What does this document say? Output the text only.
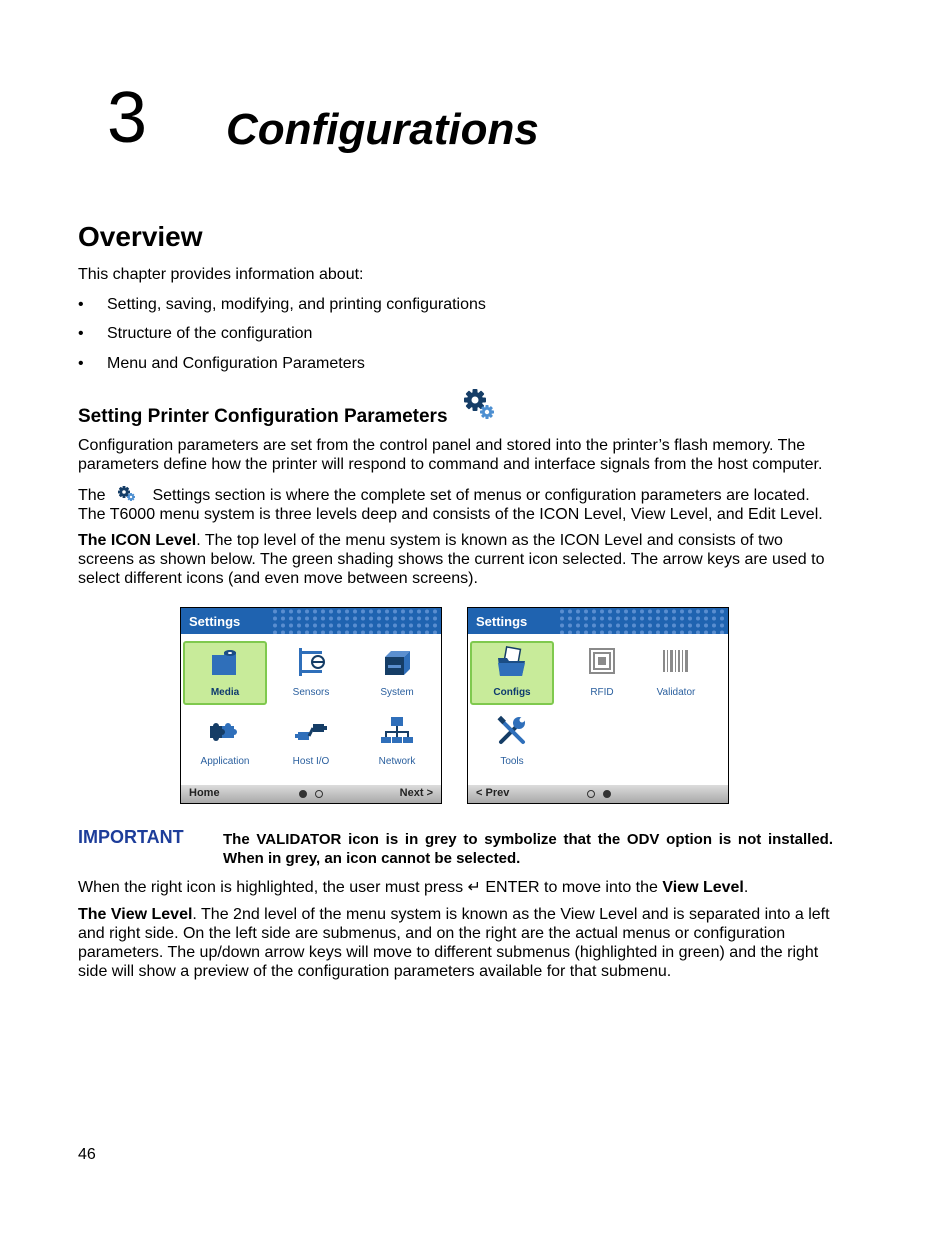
3 Configurations
Overview
This chapter provides information about:
• Setting, saving, modifying, and printing configurations
• Structure of the configuration
• Menu and Configuration Parameters
Setting Printer Configuration Parameters
Configuration parameters are set from the control panel and stored into the printer’s flash memory. The parameters define how the printer will respond to command and interface signals from the host computer.
The	Settings section is where the complete set of menus or configuration parameters are located. The T6000 menu system is three levels deep and consists of the ICON Level, View Level, and Edit Level.
The ICON Level. The top level of the menu system is known as the ICON Level and consists of two screens as shown below. The green shading shows the current icon selected. The arrow keys are used to select different icons (and even move between screens).
Settings
Media	Sensors	System
Application	Host I/O	Network
Home	Next >
Settings
Configs	RFID	Validator
Tools
< Prev
IMPORTANT	The VALIDATOR icon is in grey to symbolize that the ODV option is not installed. When in grey, an icon cannot be selected.
When the right icon is highlighted, the user must press ↵ ENTER to move into the View Level.
The View Level. The 2nd level of the menu system is known as the View Level and is separated into a left and right side. On the left side are submenus, and on the right are the actual menus or configuration parameters. The up/down arrow keys will move to different submenus (highlighted in green) and the right side will show a preview of the configuration parameters available for that submenu.
46
